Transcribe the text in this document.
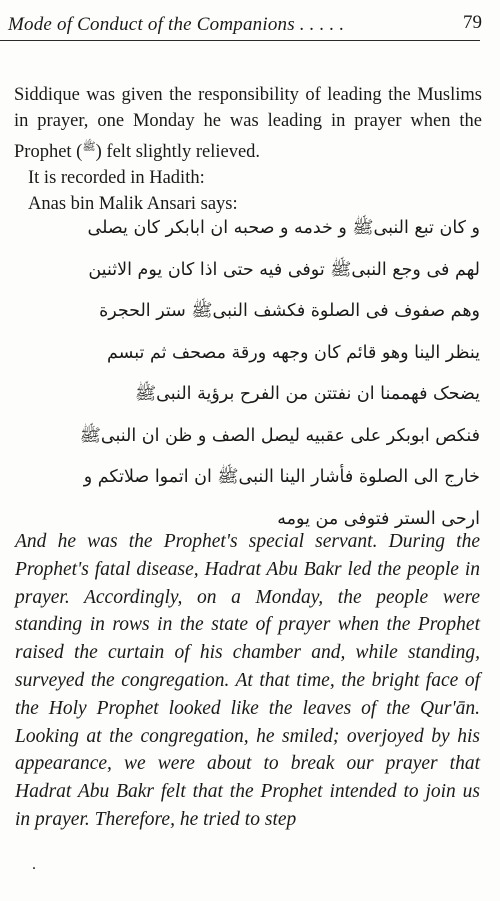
Mode of Conduct of the Companions . . . . .	79

Siddique was given the responsibility of leading the Muslims in prayer, one Monday he was leading in prayer when the Prophet ($^ﷺ$) felt slightly relieved.

It is recorded in Hadith:

Anas bin Malik Ansari says:

و كان تبع النبیﷺ و خدمه و صحبه ان ابابکر کان یصلی
لهم فی وجع النبیﷺ توفی فیه حتی اذا کان یوم الاثنین
وهم صفوف فی الصلوة فکشف النبیﷺ ستر الحجرة
ینظر الینا وهو قائم کان وجهه ورقة مصحف ثم تبسم
یضحک فهممنا ان نفتتن من الفرح برؤیة النبیﷺ
فنکص ابوبکر علی عقبیه لیصل الصف و ظن ان النبیﷺ
خارج الی الصلوة فأشار الینا النبیﷺ ان اتموا صلاتکم و
ارحی الستر فتوفی من یومه

And he was the Prophet's special servant. During the Prophet's fatal disease, Hadrat Abu Bakr led the people in prayer. Accordingly, on a Monday, the people were standing in rows in the state of prayer when the Prophet raised the curtain of his chamber and, while standing, surveyed the congregation. At that time, the bright face of the Holy Prophet looked like the leaves of the Qur'ān. Looking at the congregation, he smiled; overjoyed by his appearance, we were about to break our prayer that Hadrat Abu Bakr felt that the Prophet intended to join us in prayer. Therefore, he tried to step

.
